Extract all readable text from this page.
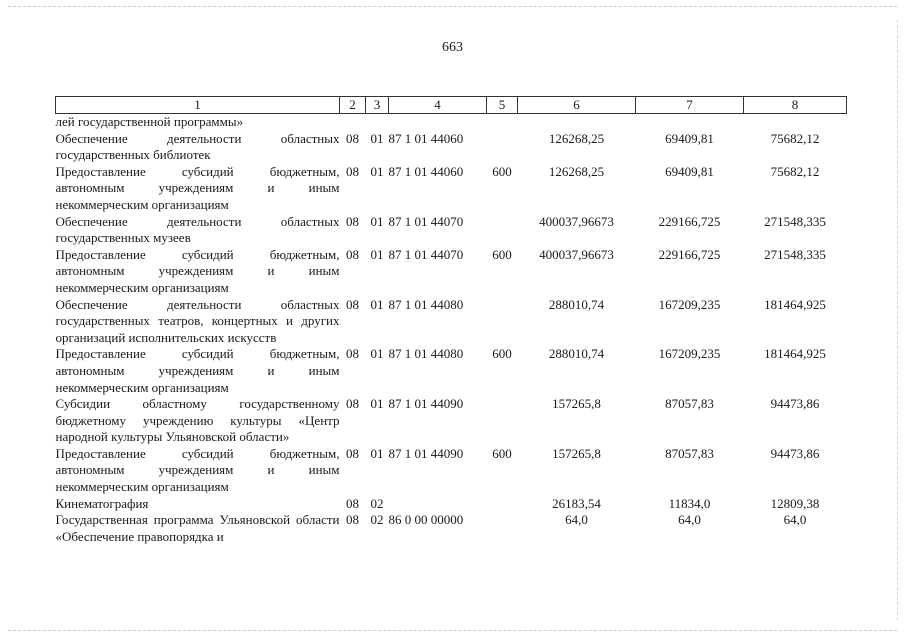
663
1	2	3	4	5	6	7	8
лей государственной программы»							
Обеспечение деятельности областных государственных библиотек	08	01	87 1 01 44060		126268,25	69409,81	75682,12
Предоставление субсидий бюджетным, автономным учреждениям и иным некоммерческим организациям	08	01	87 1 01 44060	600	126268,25	69409,81	75682,12
Обеспечение деятельности областных государственных музеев	08	01	87 1 01 44070		400037,96673	229166,725	271548,335
Предоставление субсидий бюджетным, автономным учреждениям и иным некоммерческим организациям	08	01	87 1 01 44070	600	400037,96673	229166,725	271548,335
Обеспечение деятельности областных государственных театров, концертных и других организаций исполнительских искусств	08	01	87 1 01 44080		288010,74	167209,235	181464,925
Предоставление субсидий бюджетным, автономным учреждениям и иным некоммерческим организациям	08	01	87 1 01 44080	600	288010,74	167209,235	181464,925
Субсидии областному государственному бюджетному учреждению культуры «Центр народной культуры Ульяновской области»	08	01	87 1 01 44090		157265,8	87057,83	94473,86
Предоставление субсидий бюджетным, автономным учреждениям и иным некоммерческим организациям	08	01	87 1 01 44090	600	157265,8	87057,83	94473,86
Кинематография	08	02			26183,54	11834,0	12809,38
Государственная программа Ульяновской области «Обеспечение правопорядка и	08	02	86 0 00 00000		64,0	64,0	64,0
